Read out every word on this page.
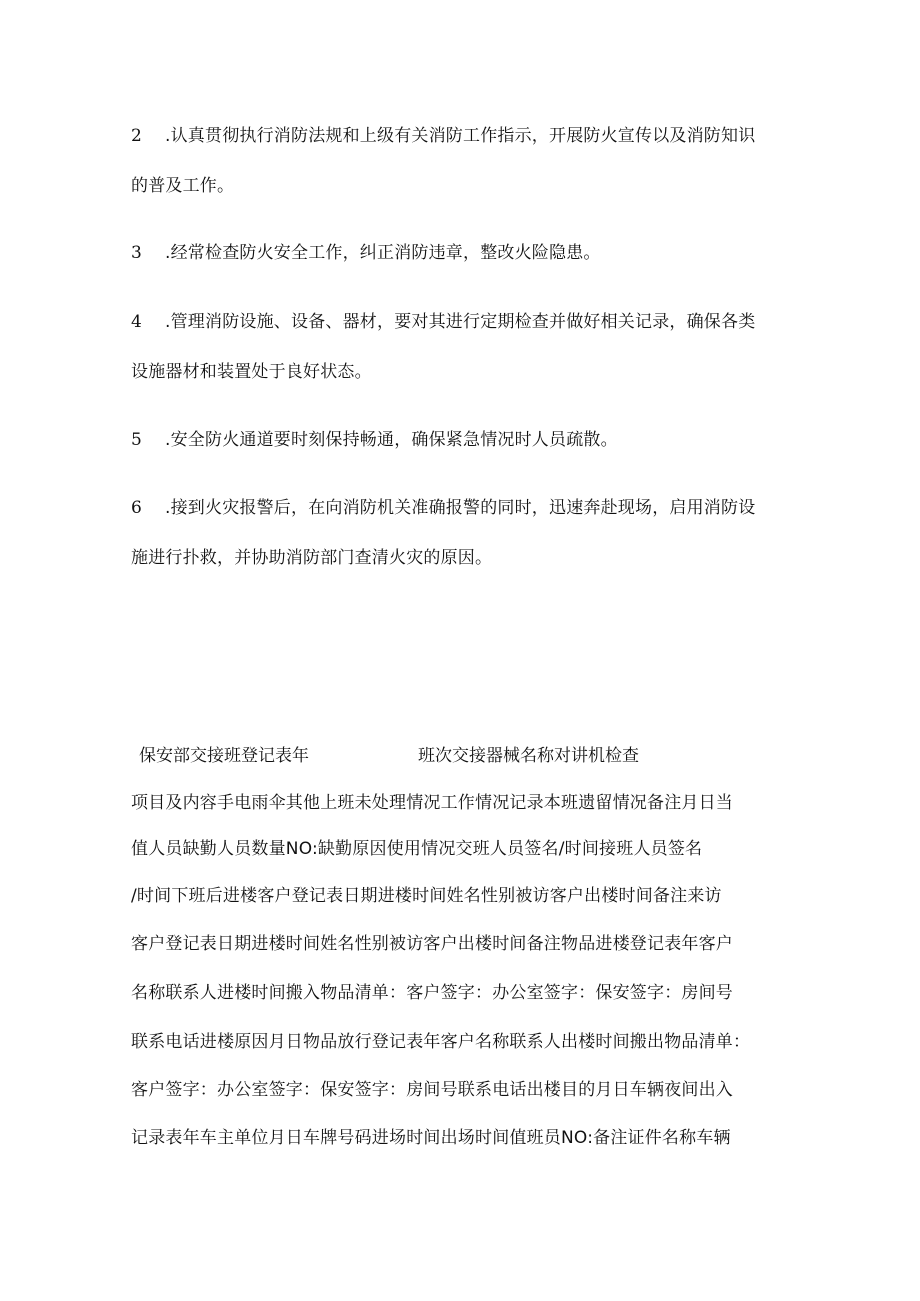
2 .认真贯彻执行消防法规和上级有关消防工作指示，开展防火宣传以及消防知识
的普及工作。
3 .经常检查防火安全工作，纠正消防违章，整改火险隐患。
4 .管理消防设施、设备、器材，要对其进行定期检查并做好相关记录，确保各类
设施器材和装置处于良好状态。
5 .安全防火通道要时刻保持畅通，确保紧急情况时人员疏散。
6 .接到火灾报警后，在向消防机关准确报警的同时，迅速奔赴现场，启用消防设
施进行扑救，并协助消防部门查清火灾的原因。
保安部交接班登记表年	班次交接器械名称对讲机检查
项目及内容手电雨伞其他上班未处理情况工作情况记录本班遗留情况备注月日当
值人员缺勤人员数量NO:缺勤原因使用情况交班人员签名/时间接班人员签名
/时间下班后进楼客户登记表日期进楼时间姓名性别被访客户出楼时间备注来访
客户登记表日期进楼时间姓名性别被访客户出楼时间备注物品进楼登记表年客户
名称联系人进楼时间搬入物品清单：客户签字：办公室签字：保安签字：房间号
联系电话进楼原因月日物品放行登记表年客户名称联系人出楼时间搬出物品清单：
客户签字：办公室签字：保安签字：房间号联系电话出楼目的月日车辆夜间出入
记录表年车主单位月日车牌号码进场时间出场时间值班员NO:备注证件名称车辆
